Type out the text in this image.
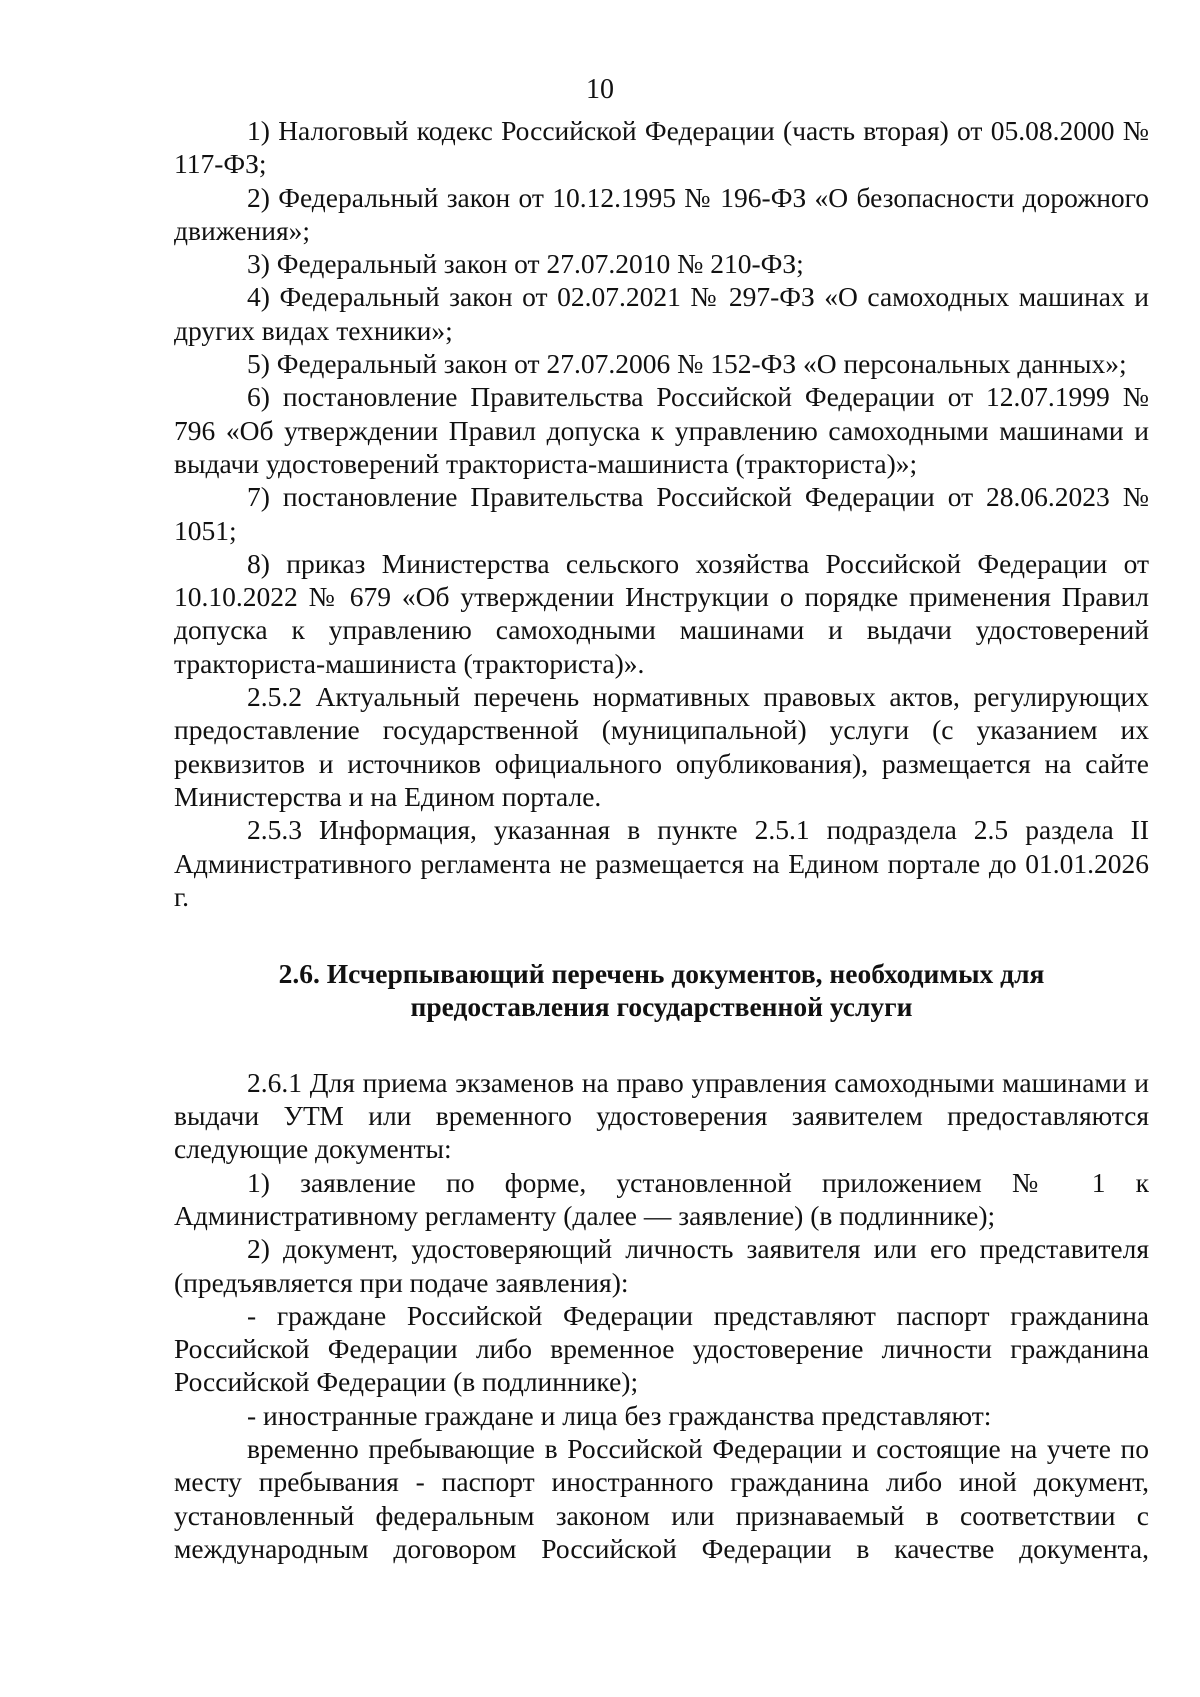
10

1) Налоговый кодекс Российской Федерации (часть вторая) от 05.08.2000 № 117-ФЗ;

2) Федеральный закон от 10.12.1995 № 196-ФЗ «О безопасности дорожного движения»;

3) Федеральный закон от 27.07.2010 № 210-ФЗ;

4) Федеральный закон от 02.07.2021 № 297-ФЗ «О самоходных машинах и других видах техники»;

5) Федеральный закон от 27.07.2006 № 152-ФЗ «О персональных данных»;

6) постановление Правительства Российской Федерации от 12.07.1999 № 796 «Об утверждении Правил допуска к управлению самоходными машинами и выдачи удостоверений тракториста-машиниста (тракториста)»;

7) постановление Правительства Российской Федерации от 28.06.2023 № 1051;

8) приказ Министерства сельского хозяйства Российской Федерации от 10.10.2022 № 679 «Об утверждении Инструкции о порядке применения Правил допуска к управлению самоходными машинами и выдачи удостоверений тракториста-машиниста (тракториста)».

2.5.2 Актуальный перечень нормативных правовых актов, регулирующих предоставление государственной (муниципальной) услуги (с указанием их реквизитов и источников официального опубликования), размещается на сайте Министерства и на Едином портале.

2.5.3 Информация, указанная в пункте 2.5.1 подраздела 2.5 раздела II Административного регламента не размещается на Едином портале до 01.01.2026 г.

2.6. Исчерпывающий перечень документов, необходимых для
предоставления государственной услуги

2.6.1 Для приема экзаменов на право управления самоходными машинами и выдачи УТМ или временного удостоверения заявителем предоставляются следующие документы:

1) заявление по форме, установленной приложением № 1 к Административному регламенту (далее — заявление) (в подлиннике);

2) документ, удостоверяющий личность заявителя или его представителя (предъявляется при подаче заявления):

- граждане Российской Федерации представляют паспорт гражданина Российской Федерации либо временное удостоверение личности гражданина Российской Федерации (в подлиннике);

- иностранные граждане и лица без гражданства представляют:

временно пребывающие в Российской Федерации и состоящие на учете по месту пребывания - паспорт иностранного гражданина либо иной документ, установленный федеральным законом или признаваемый в соответствии с международным договором Российской Федерации в качестве документа,
